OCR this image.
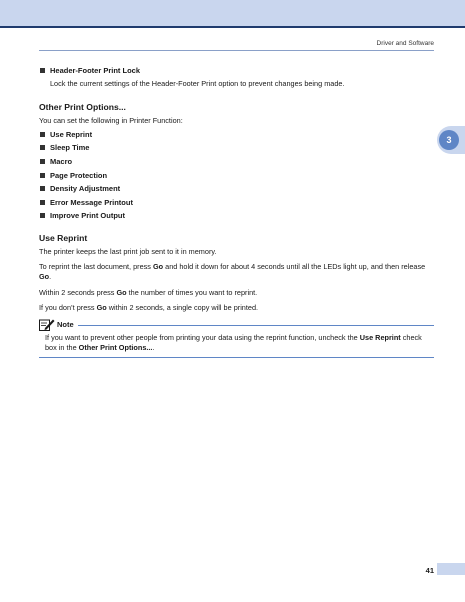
Driver and Software
3
Header-Footer Print Lock
Lock the current settings of the Header-Footer Print option to prevent changes being made.
Other Print Options...

You can set the following in Printer Function:

Use Reprint
Sleep Time
Macro
Page Protection
Density Adjustment
Error Message Printout
Improve Print Output
Use Reprint

The printer keeps the last print job sent to it in memory.

To reprint the last document, press Go and hold it down for about 4 seconds until all the LEDs light up, and then release Go.

Within 2 seconds press Go the number of times you want to reprint.

If you don’t press Go within 2 seconds, a single copy will be printed.

Note

If you want to prevent other people from printing your data using the reprint function, uncheck the Use Reprint check box in the Other Print Options....

41
